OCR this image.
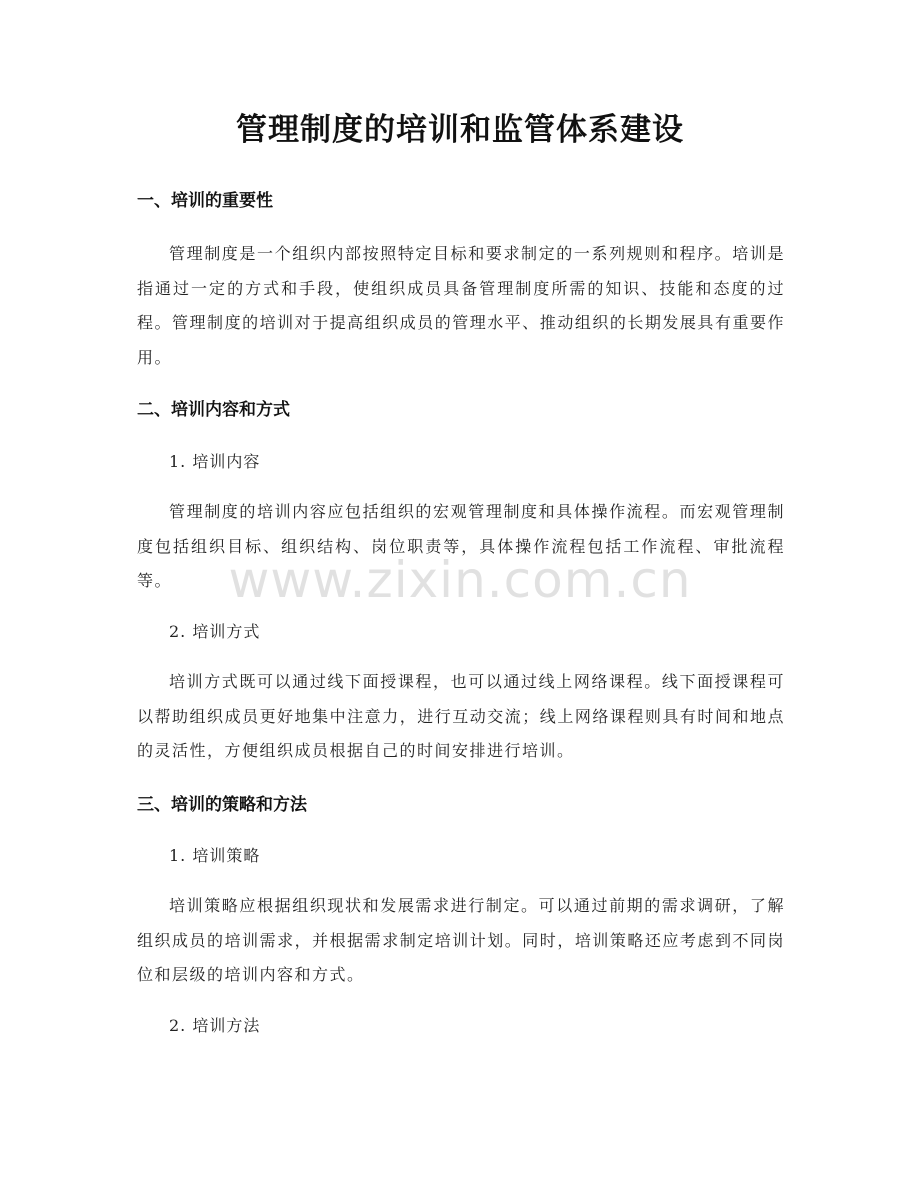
管理制度的培训和监管体系建设
一、培训的重要性

管理制度是一个组织内部按照特定目标和要求制定的一系列规则和程序。培训是指通过一定的方式和手段，使组织成员具备管理制度所需的知识、技能和态度的过程。管理制度的培训对于提高组织成员的管理水平、推动组织的长期发展具有重要作用。

二、培训内容和方式

1. 培训内容

管理制度的培训内容应包括组织的宏观管理制度和具体操作流程。而宏观管理制度包括组织目标、组织结构、岗位职责等，具体操作流程包括工作流程、审批流程等。

2. 培训方式

培训方式既可以通过线下面授课程，也可以通过线上网络课程。线下面授课程可以帮助组织成员更好地集中注意力，进行互动交流；线上网络课程则具有时间和地点的灵活性，方便组织成员根据自己的时间安排进行培训。

三、培训的策略和方法

1. 培训策略

培训策略应根据组织现状和发展需求进行制定。可以通过前期的需求调研，了解组织成员的培训需求，并根据需求制定培训计划。同时，培训策略还应考虑到不同岗位和层级的培训内容和方式。

2. 培训方法

www.zixin.com.cn
